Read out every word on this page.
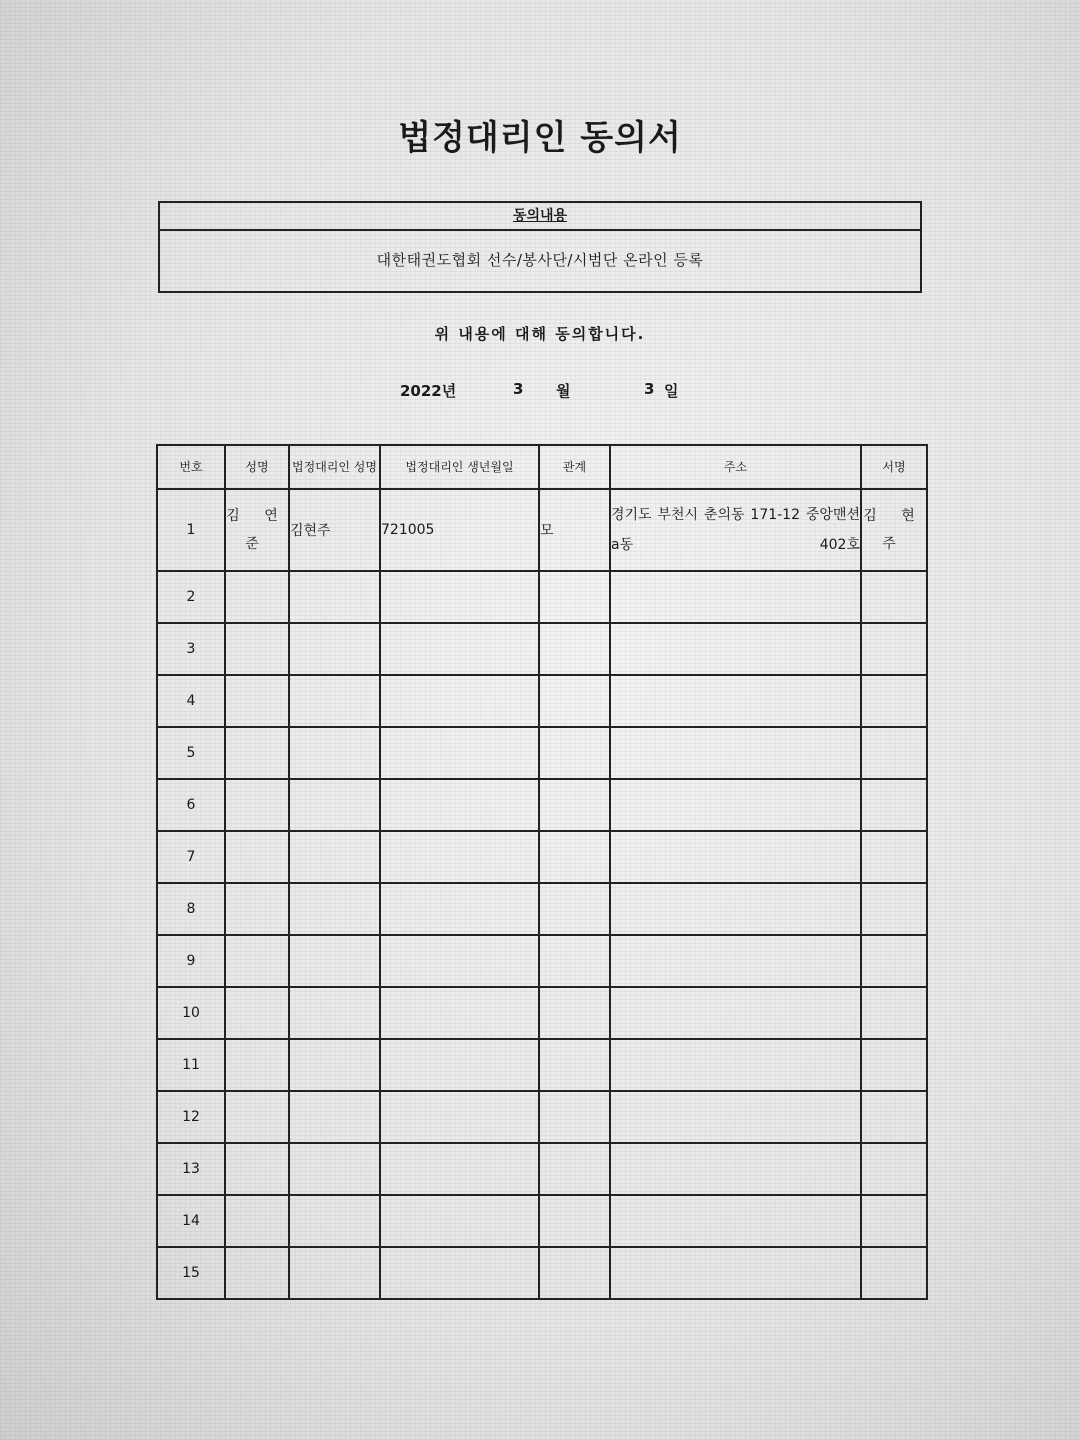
법정대리인 동의서
동의내용
대한태권도협회 선수/봉사단/시범단 온라인 등록
위 내용에 대해 동의합니다.
2022년	3 월	3 일
번호	성명	법정대리인 성명	법정대리인 생년월일	관계	주소	서명
1	김 연 준	김현주	721005	모	경기도 부천시 춘의동 171-12 중앙맨션 a동 402호	김 현 주
2						
3						
4						
5						
6						
7						
8						
9						
10						
11						
12						
13						
14						
15						
